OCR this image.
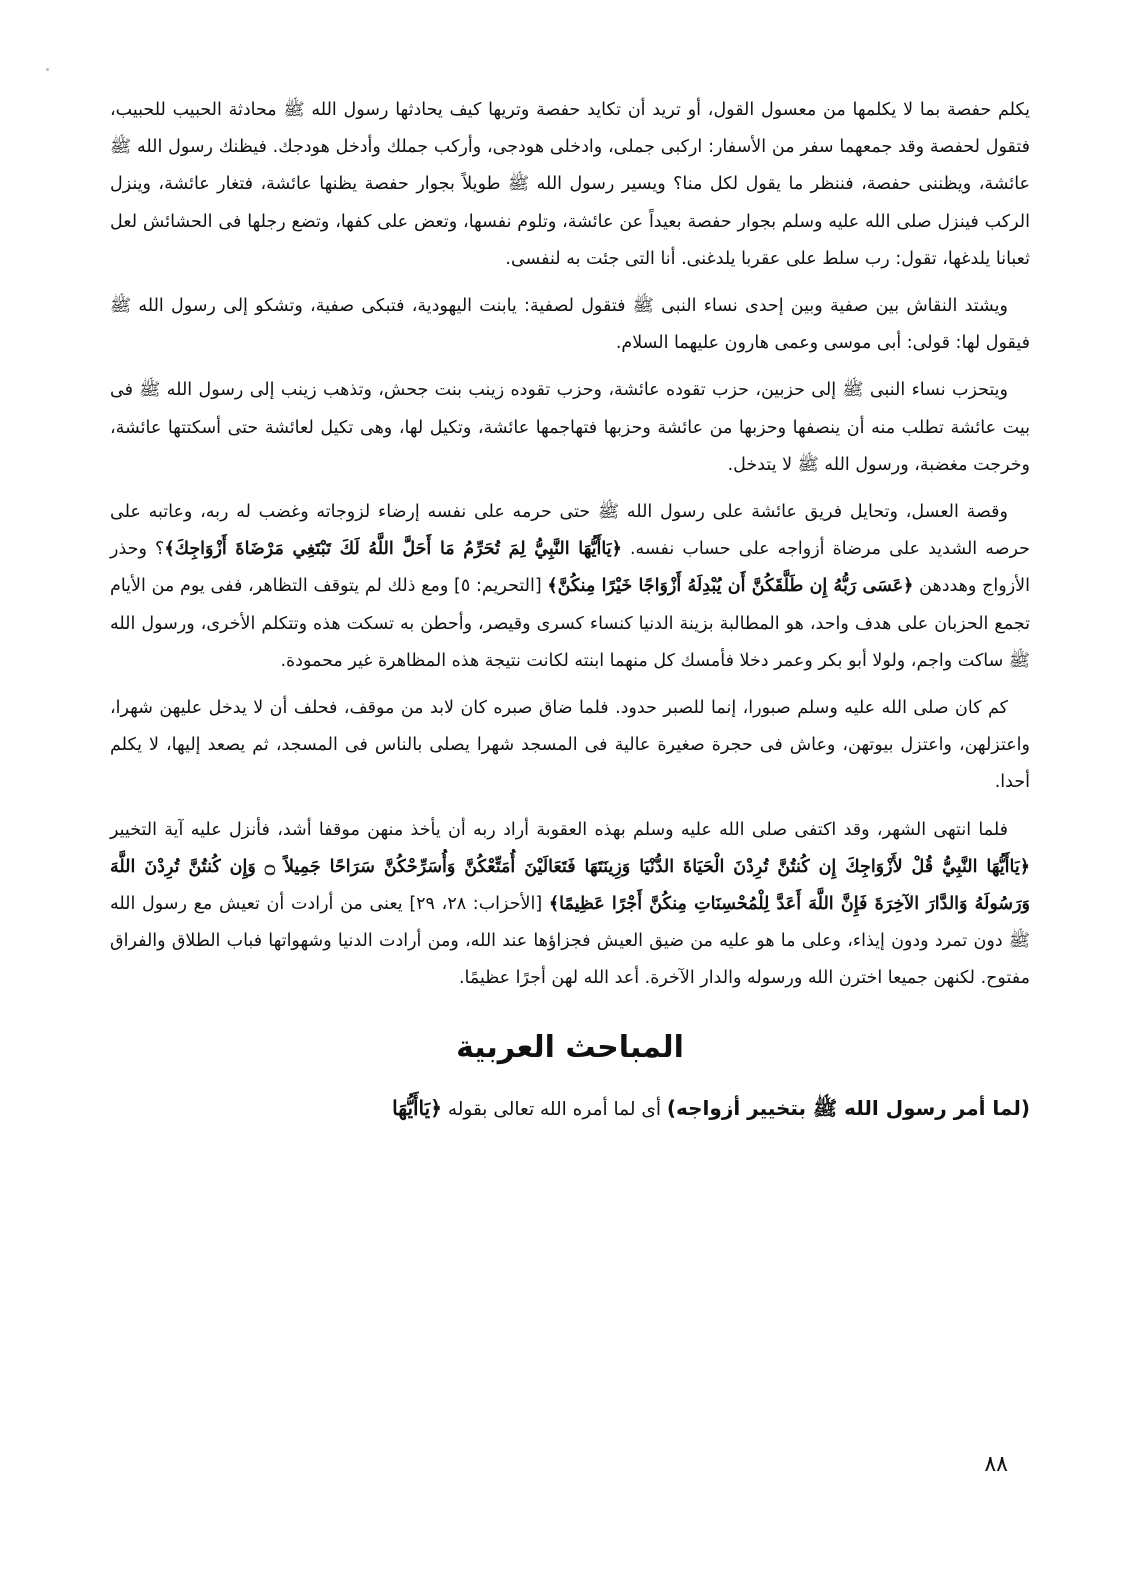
يكلم حفصة بما لا يكلمها من معسول القول، أو تريد أن تكايد حفصة وتريها كيف يحادثها رسول الله ﷺ محادثة الحبيب للحبيب، فتقول لحفصة وقد جمعهما سفر من الأسفار: اركبى جملى، وادخلى هودجى، وأركب جملك وأدخل هودجك. فيظنك رسول الله ﷺ عائشة، ويظننى حفصة، فننظر ما يقول لكل منا؟ ويسير رسول الله ﷺ طويلاً بجوار حفصة يظنها عائشة، فتغار عائشة، وينزل الركب فينزل صلى الله عليه وسلم بجوار حفصة بعيداً عن عائشة، وتلوم نفسها، وتعض على كفها، وتضع رجلها فى الحشائش لعل ثعبانا يلدغها، تقول: رب سلط على عقربا يلدغنى. أنا التى جئت به لنفسى.

ويشتد النقاش بين صفية وبين إحدى نساء النبى ﷺ فتقول لصفية: يابنت اليهودية، فتبكى صفية، وتشكو إلى رسول الله ﷺ فيقول لها: قولى: أبى موسى وعمى هارون عليهما السلام.

ويتحزب نساء النبى ﷺ إلى حزبين، حزب تقوده عائشة، وحزب تقوده زينب بنت جحش، وتذهب زينب إلى رسول الله ﷺ فى بيت عائشة تطلب منه أن ينصفها وحزبها من عائشة وحزبها فتهاجمها عائشة، وتكيل لها، وهى تكيل لعائشة حتى أسكتتها عائشة، وخرجت مغضبة، ورسول الله ﷺ لا يتدخل.

وقصة العسل، وتحايل فريق عائشة على رسول الله ﷺ حتى حرمه على نفسه إرضاء لزوجاته وغضب له ربه، وعاتبه على حرصه الشديد على مرضاة أزواجه على حساب نفسه. ﴿يَاأَيُّهَا النَّبِيُّ لِمَ تُحَرِّمُ مَا أَحَلَّ اللَّهُ لَكَ تَبْتَغِي مَرْضَاةَ أَزْوَاجِكَ﴾؟ وحذر الأزواج وهددهن ﴿عَسَى رَبُّهُ إِن طَلَّقَكُنَّ أَن يُبْدِلَهُ أَزْوَاجًا خَيْرًا مِنكُنَّ﴾ [التحريم: ٥] ومع ذلك لم يتوقف التظاهر، ففى يوم من الأيام تجمع الحزبان على هدف واحد، هو المطالبة بزينة الدنيا كنساء كسرى وقيصر، وأحطن به تسكت هذه وتتكلم الأخرى، ورسول الله ﷺ ساكت واجم، ولولا أبو بكر وعمر دخلا فأمسك كل منهما ابنته لكانت نتيجة هذه المظاهرة غير محمودة.

كم كان صلى الله عليه وسلم صبورا، إنما للصبر حدود. فلما ضاق صبره كان لابد من موقف، فحلف أن لا يدخل عليهن شهرا، واعتزلهن، واعتزل بيوتهن، وعاش فى حجرة صغيرة عالية فى المسجد شهرا يصلى بالناس فى المسجد، ثم يصعد إليها، لا يكلم أحدا.

فلما انتهى الشهر، وقد اكتفى صلى الله عليه وسلم بهذه العقوبة أراد ربه أن يأخذ منهن موقفا أشد، فأنزل عليه آية التخيير ﴿يَاأَيُّهَا النَّبِيُّ قُلْ لأَزْوَاجِكَ إِن كُنتُنَّ تُرِدْنَ الْحَيَاةَ الدُّنْيَا وَزِينَتَهَا فَتَعَالَيْنَ أُمَتِّعْكُنَّ وَأُسَرِّحْكُنَّ سَرَاحًا جَمِيلاً ۝ وَإِن كُنتُنَّ تُرِدْنَ اللَّهَ وَرَسُولَهُ وَالدَّارَ الآخِرَةَ فَإِنَّ اللَّهَ أَعَدَّ لِلْمُحْسِنَاتِ مِنكُنَّ أَجْرًا عَظِيمًا﴾ [الأحزاب: ٢٨، ٢٩] يعنى من أرادت أن تعيش مع رسول الله ﷺ دون تمرد ودون إيذاء، وعلى ما هو عليه من ضيق العيش فجزاؤها عند الله، ومن أرادت الدنيا وشهواتها فباب الطلاق والفراق مفتوح. لكنهن جميعا اخترن الله ورسوله والدار الآخرة. أعد الله لهن أجرًا عظيمًا.

المباحث العربية

(لما أمر رسول الله ﷺ بتخيير أزواجه) أى لما أمره الله تعالى بقوله ﴿يَاأَيُّهَا

٨٨
